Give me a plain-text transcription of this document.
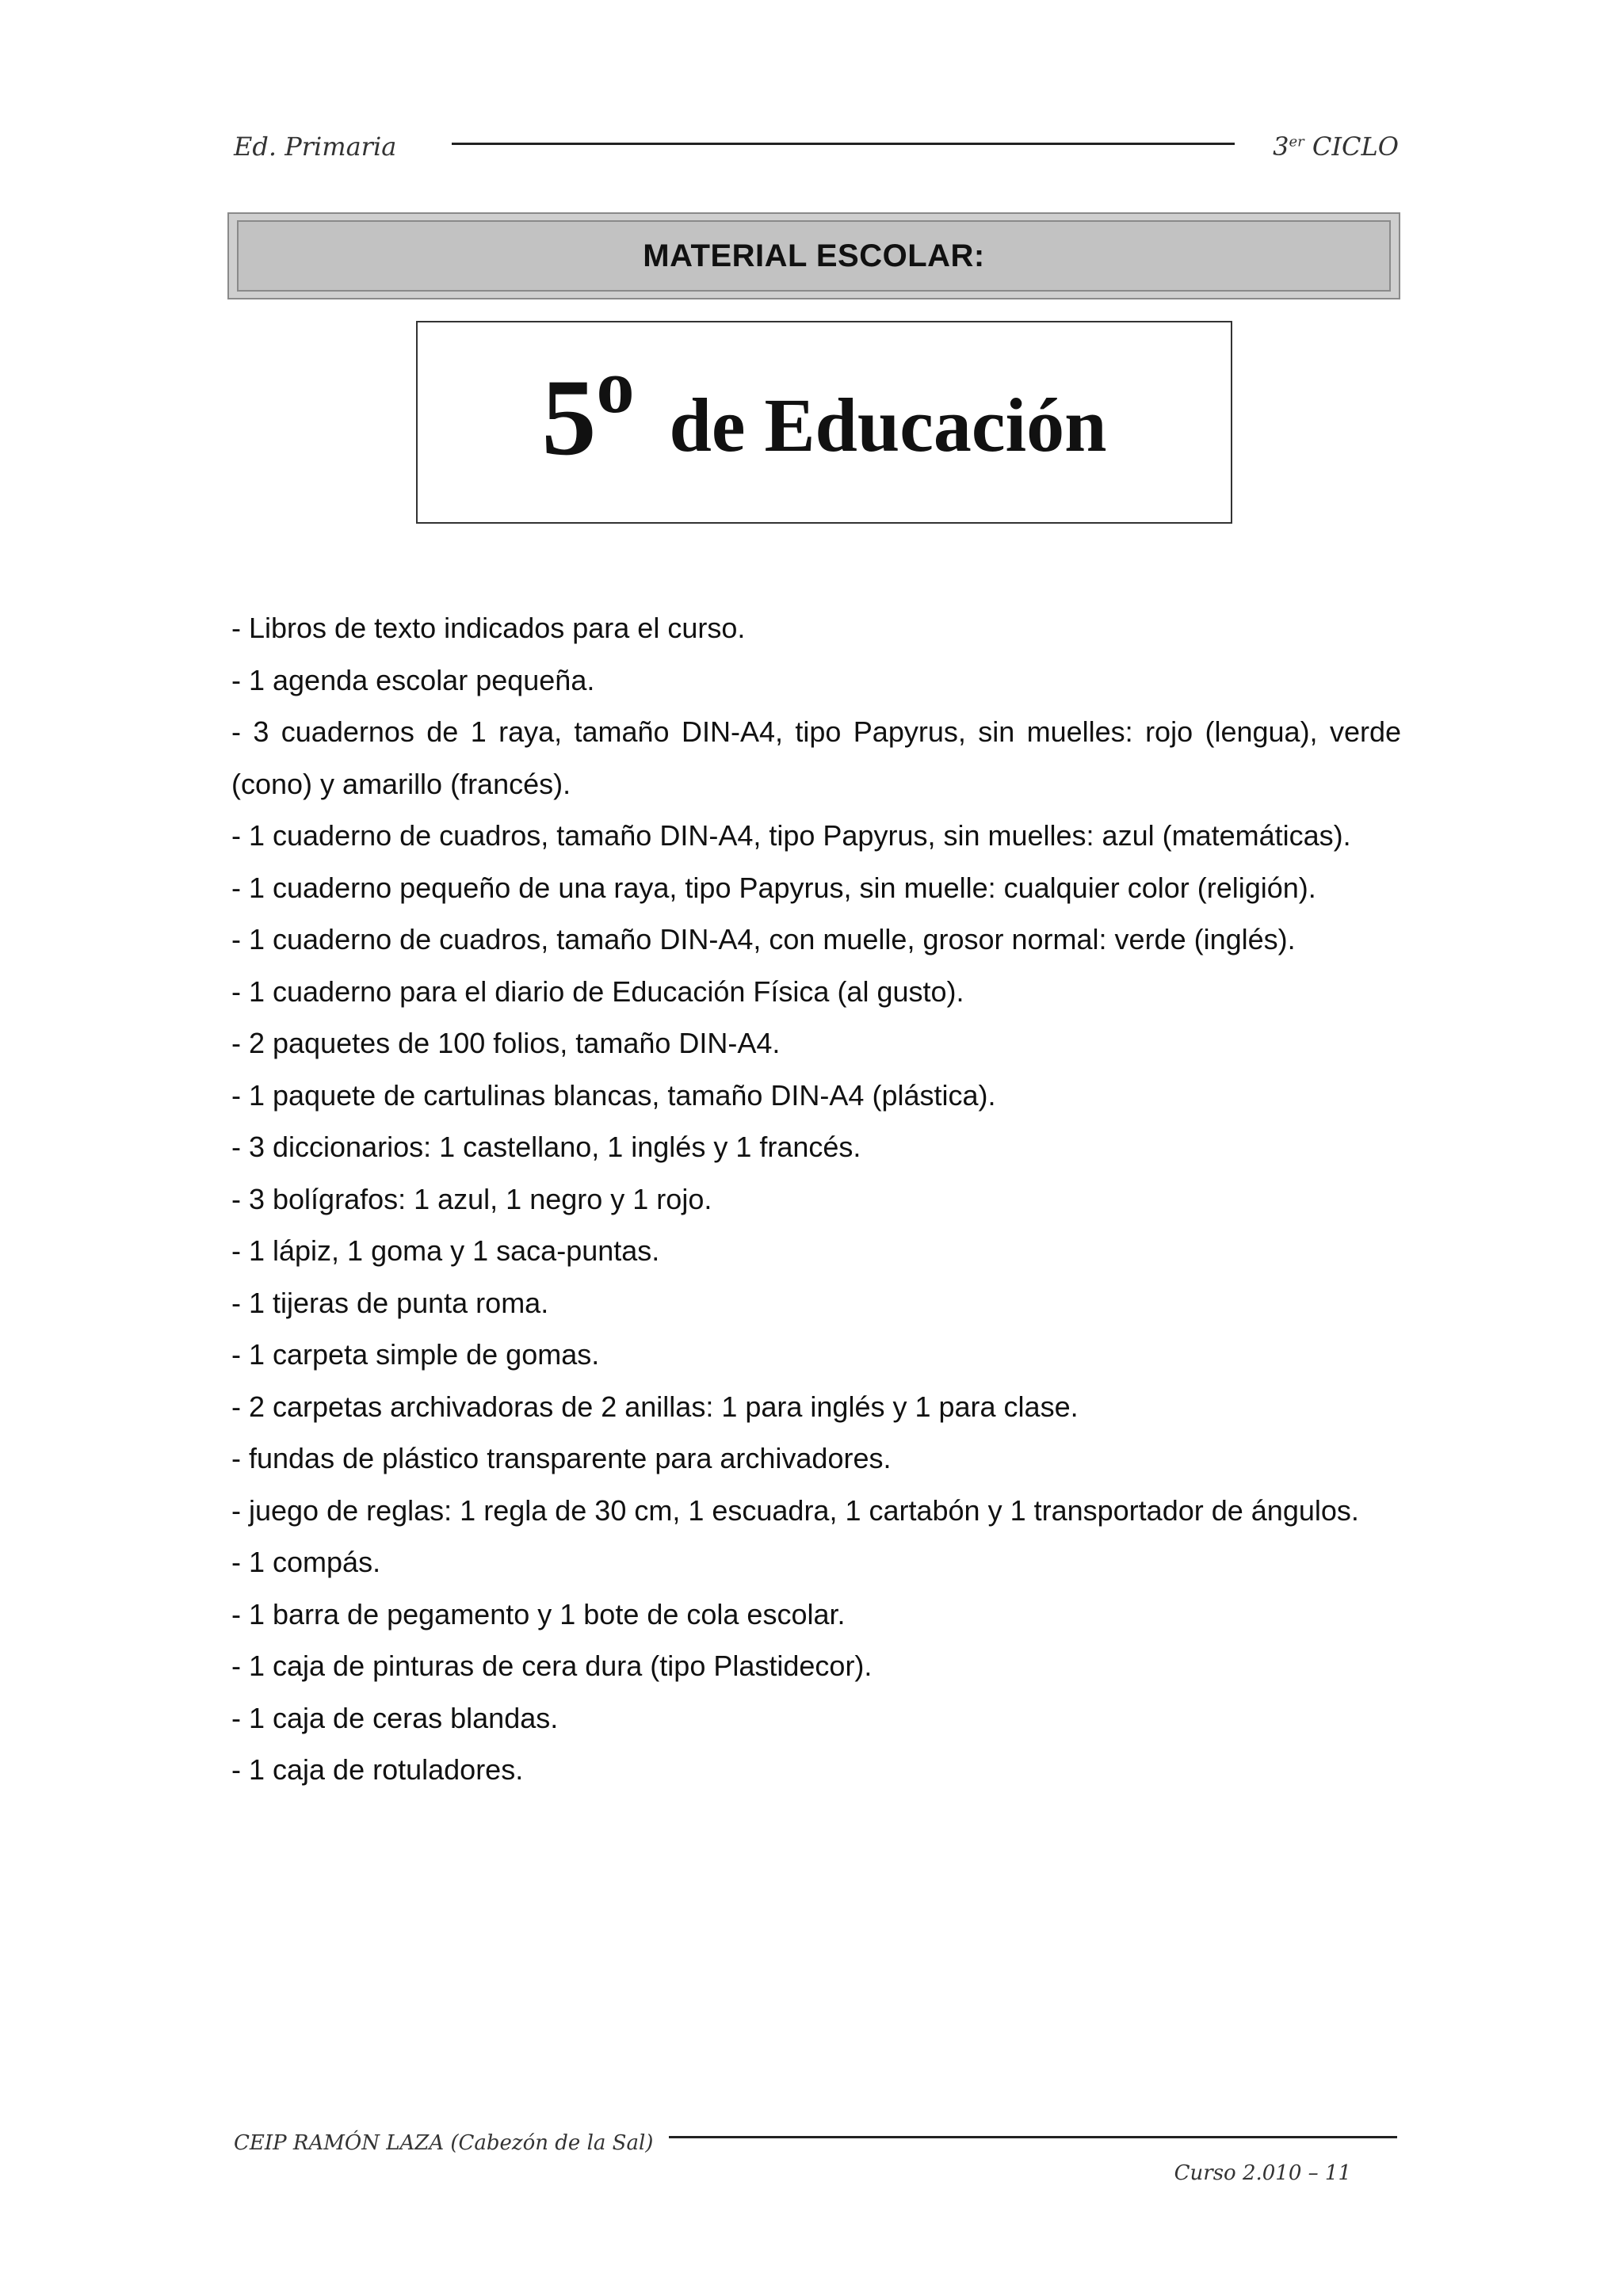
Ed. Primaria	3er CICLO
MATERIAL ESCOLAR:
5 o de Educación
- Libros de texto indicados para el curso.
- 1 agenda escolar pequeña.
- 3 cuadernos de 1 raya, tamaño DIN-A4, tipo Papyrus, sin muelles: rojo (lengua), verde (cono) y amarillo (francés).
- 1 cuaderno de cuadros, tamaño DIN-A4, tipo Papyrus, sin muelles: azul (matemáticas).
- 1 cuaderno pequeño de una raya, tipo Papyrus, sin muelle: cualquier color (religión).
- 1 cuaderno de cuadros, tamaño DIN-A4, con muelle, grosor normal: verde (inglés).
- 1 cuaderno para el diario de Educación Física (al gusto).
- 2 paquetes de 100 folios, tamaño DIN-A4.
- 1 paquete de cartulinas blancas, tamaño DIN-A4 (plástica).
- 3 diccionarios: 1 castellano, 1 inglés y 1 francés.
- 3 bolígrafos: 1 azul, 1 negro y 1 rojo.
- 1 lápiz, 1 goma y 1 saca-puntas.
- 1 tijeras de punta roma.
- 1 carpeta simple de gomas.
- 2 carpetas archivadoras de 2 anillas: 1 para inglés y 1 para clase.
- fundas de plástico transparente para archivadores.
- juego de reglas: 1 regla de 30 cm, 1 escuadra, 1 cartabón y 1 transportador de ángulos.
- 1 compás.
- 1 barra de pegamento y 1 bote de cola escolar.
- 1 caja de pinturas de cera dura (tipo Plastidecor).
- 1 caja de ceras blandas.
- 1 caja de rotuladores.
CEIP RAMÓN LAZA (Cabezón de la Sal)
Curso 2.010 – 11
